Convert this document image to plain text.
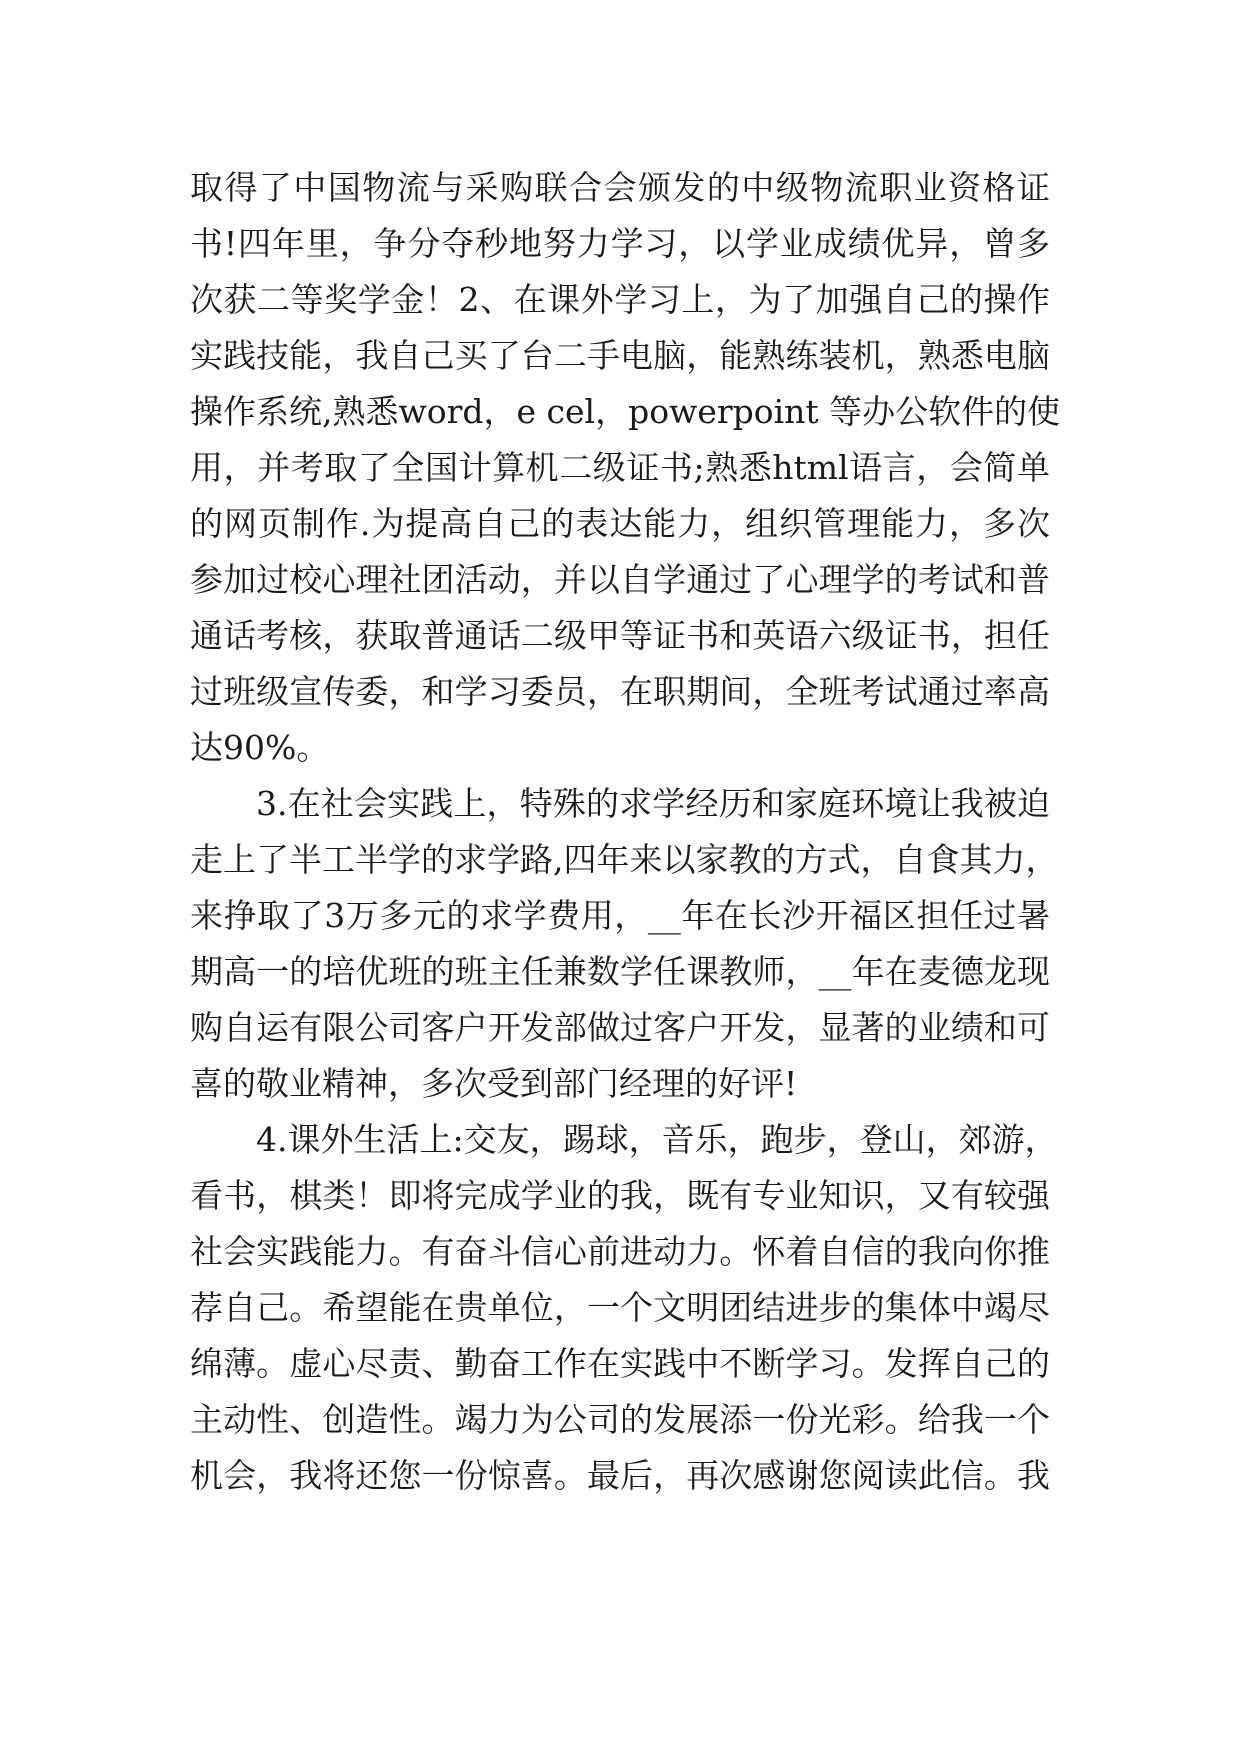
取得了中国物流与采购联合会颁发的中级物流职业资格证
书!四年里，争分夺秒地努力学习，以学业成绩优异，曾多
次获二等奖学金！2、在课外学习上，为了加强自己的操作
实践技能，我自己买了台二手电脑，能熟练装机，熟悉电脑
操作系统,熟悉word，e cel，powerpoint 等办公软件的使
用，并考取了全国计算机二级证书;熟悉html语言，会简单
的网页制作.为提高自己的表达能力，组织管理能力，多次
参加过校心理社团活动，并以自学通过了心理学的考试和普
通话考核，获取普通话二级甲等证书和英语六级证书，担任
过班级宣传委，和学习委员，在职期间，全班考试通过率高
达90%。
3.在社会实践上，特殊的求学经历和家庭环境让我被迫
走上了半工半学的求学路,四年来以家教的方式，自食其力，
来挣取了3万多元的求学费用，__年在长沙开福区担任过暑
期高一的培优班的班主任兼数学任课教师，__年在麦德龙现
购自运有限公司客户开发部做过客户开发，显著的业绩和可
喜的敬业精神，多次受到部门经理的好评!
4.课外生活上:交友，踢球，音乐，跑步，登山，郊游，
看书，棋类！即将完成学业的我，既有专业知识，又有较强
社会实践能力。有奋斗信心前进动力。怀着自信的我向你推
荐自己。希望能在贵单位，一个文明团结进步的集体中竭尽
绵薄。虚心尽责、勤奋工作在实践中不断学习。发挥自己的
主动性、创造性。竭力为公司的发展添一份光彩。给我一个
机会，我将还您一份惊喜。最后，再次感谢您阅读此信。我
